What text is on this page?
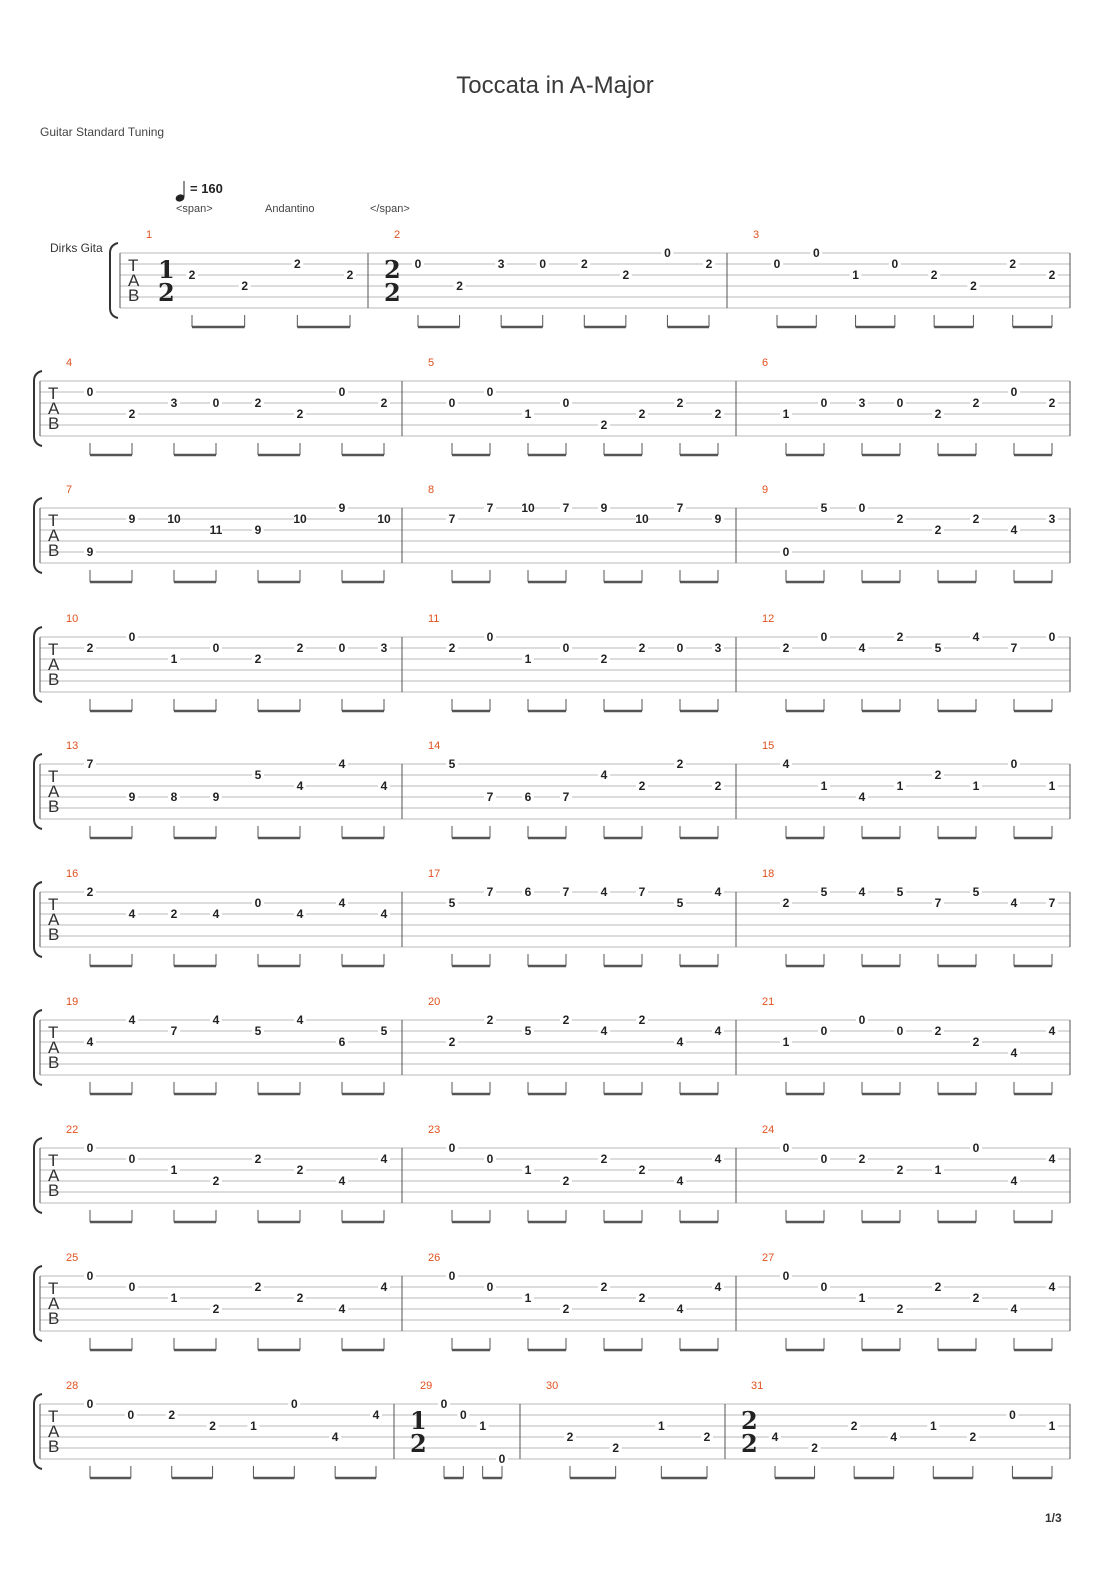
Toccata in A-Major
Guitar Standard Tuning
1/3
= 160
<span>	Andantino	</span>
Dirks Gita
T
A
B
1
1
2
2
2
2
2
2
2
2
0
2
3	0	2
2
0
2
3
0
0
1
0
2
2
2
2
T
A
B
4
0
2
3	0	2
2
0
2
5
0
0
1
0
2
2
2
2
6
1
0	3	0
2
2
0
2
T
A
B
7
9
9	10
11	9
10
9
10
8
7
7 10 7	9
10
7
9
9
0
5	0
2
2
2
4
3
T
A
B
10
2
0
1
0
2
2	0	3
11
2
0
1
0
2
2	0	3
12
2
0
4
2
5
4
7
0
T
A
B
13
7
9	8	9
5
4
4
4
14
5
7	6	7
4
2
2
2
15
4
1
4
1
2
1
0
1
T
A
B
16
2
4	2	4
0
4
4
4
17
5
7	6	7	4	7
5
4
18
2
5	4	5
7
5
4	7
T
A
B
19
4
4
7
4
5
4
6
5
20
2
2
5
2
4
2
4
4
21
1
0
0
0	2
2
4
4
T
A
B
22
0
0
1
2
2
2
4
4
23
0
0
1
2
2
2
4
4
24
0
0	2
2	1
0
4
4
T
A
B
25
0
0
1
2
2
2
4
4
26
0
0
1
2
2
2
4
4
27
0
0
1
2
2
2
4
4
T
A
B
28
0
0	2
2	1
0
4
4
29
1
2
0
0
1
0
30
2
2
1
2
31
2
2 4
2
2
4
1
2
0
1
